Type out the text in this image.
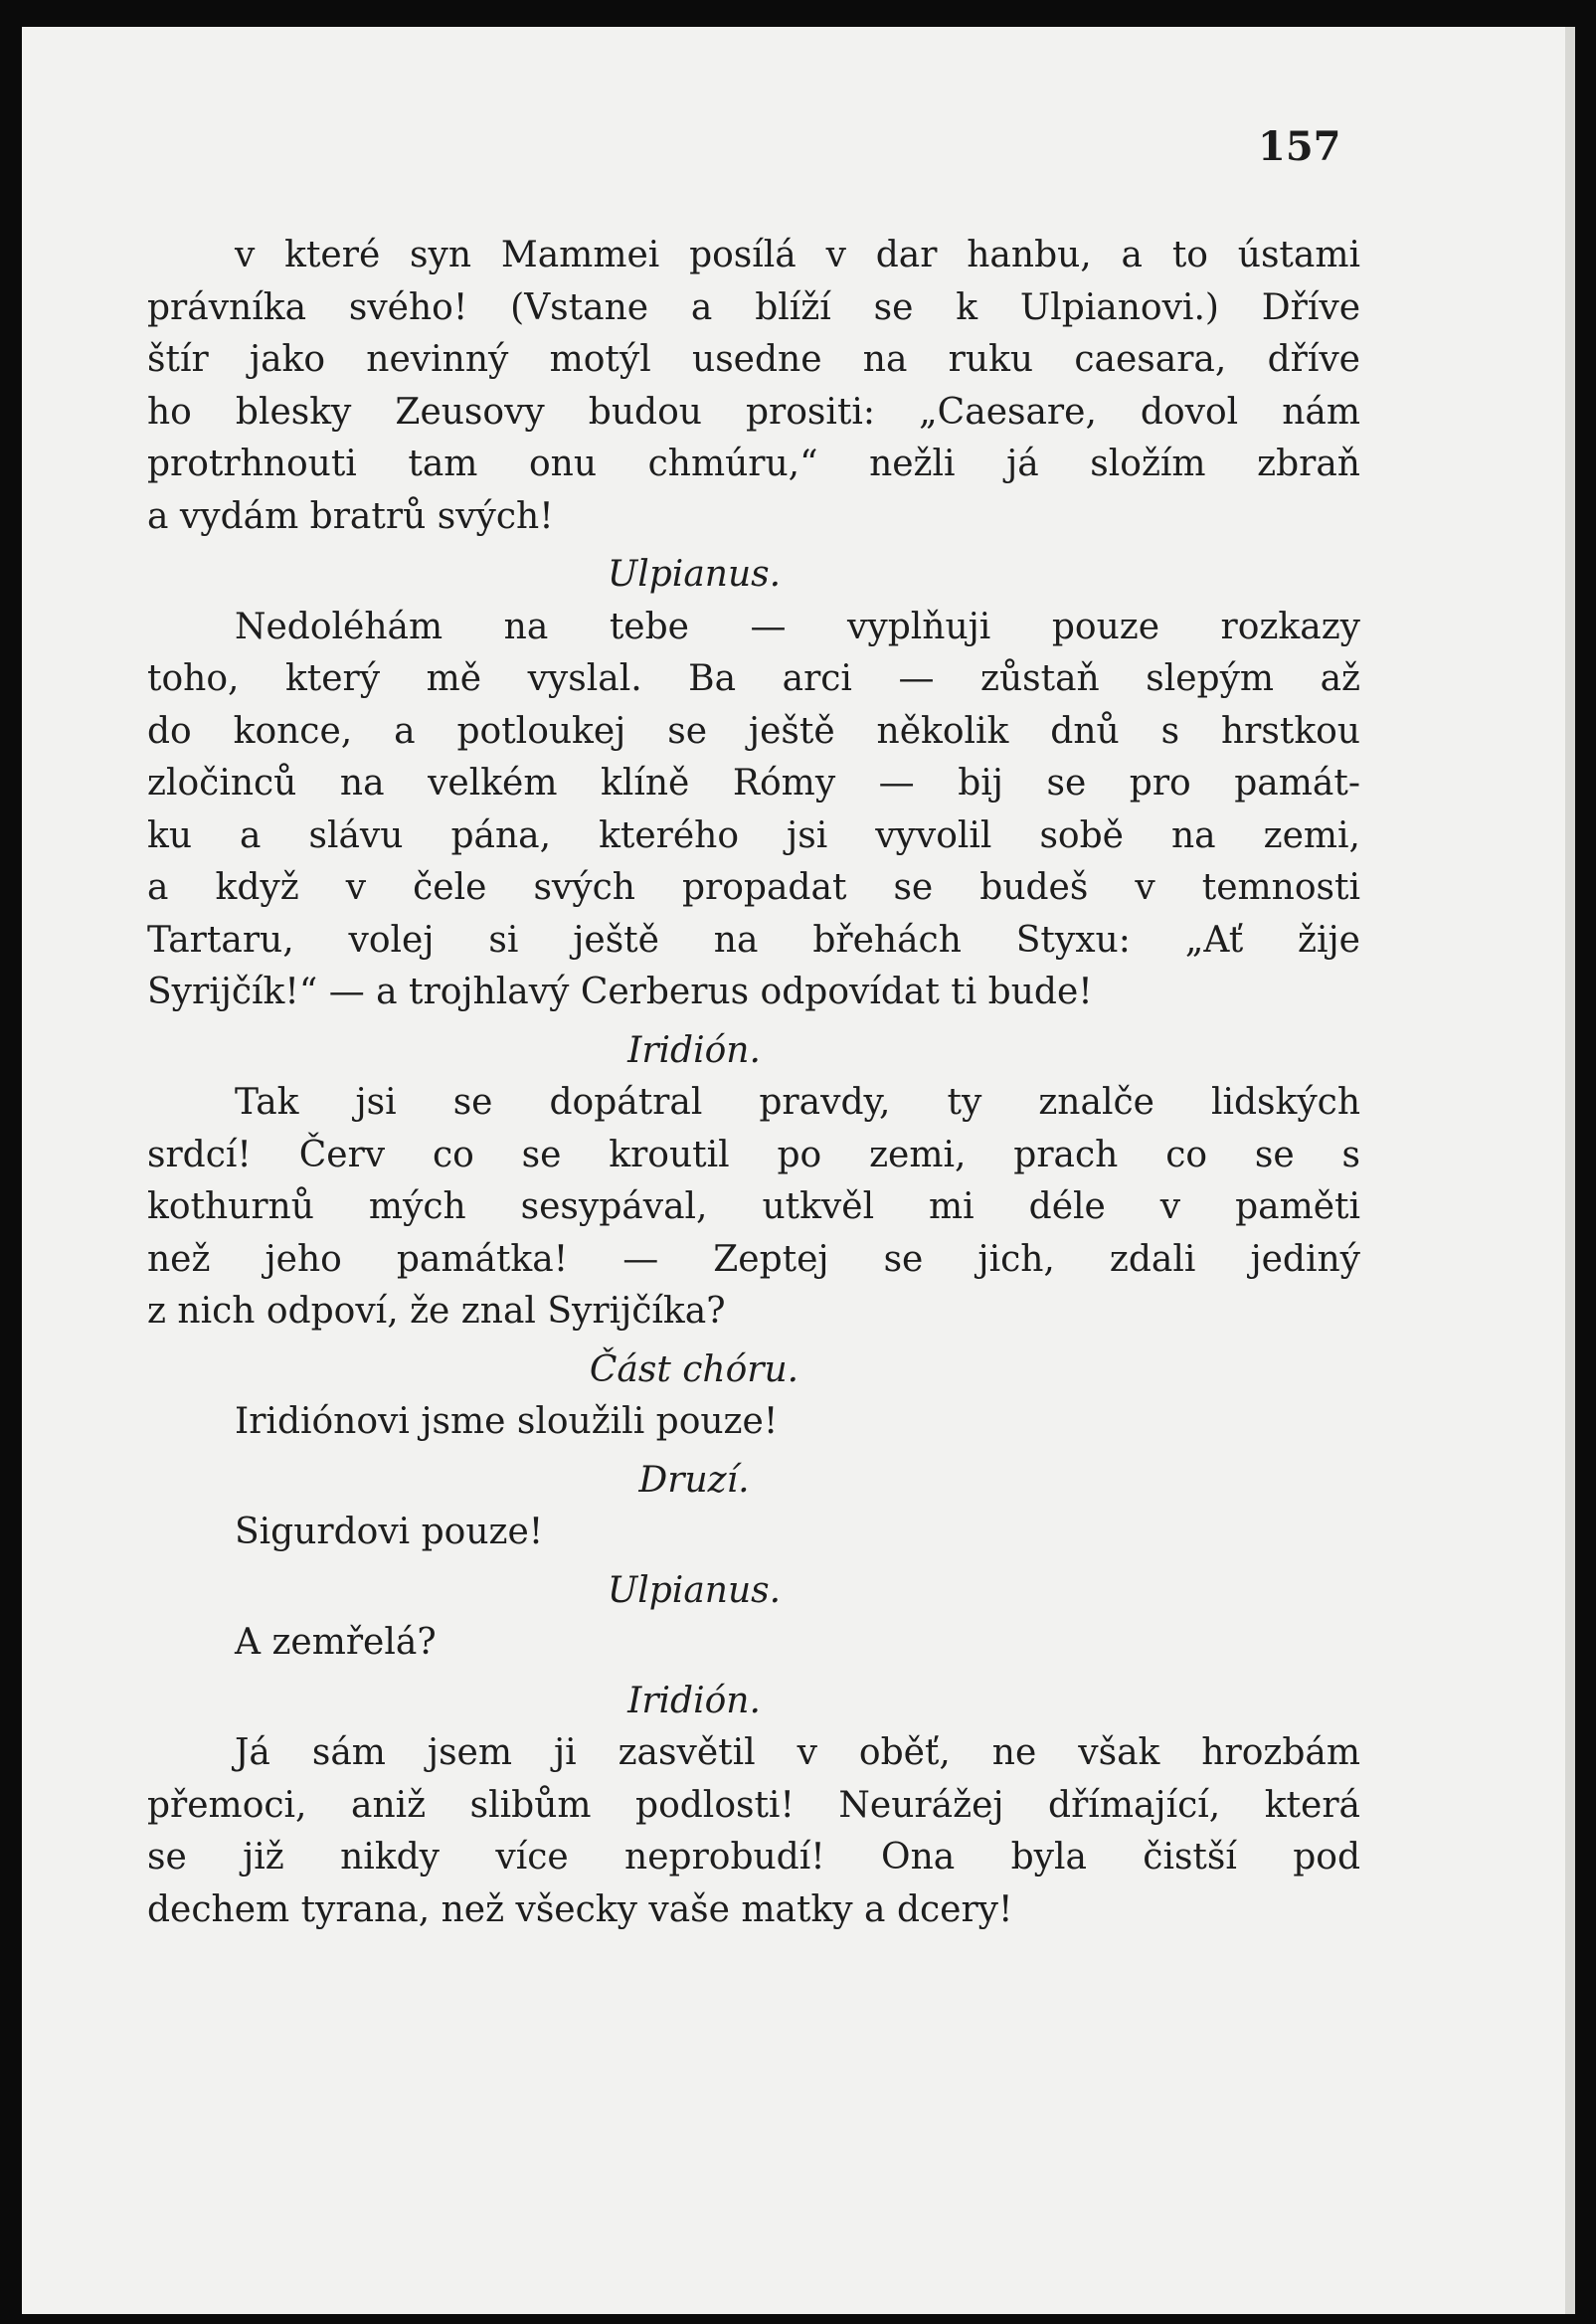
157

v které syn Mammei posílá v dar hanbu, a to ústami
právníka svého! (Vstane a blíží se k Ulpianovi.) Dříve
štír jako nevinný motýl usedne na ruku caesara, dříve
ho blesky Zeusovy budou prositi: „Caesare, dovol nám
protrhnouti tam onu chmúru,“ nežli já složím zbraň
a vydám bratrů svých!
Ulpianus.
Nedoléhám na tebe — vyplňuji pouze rozkazy
toho, který mě vyslal. Ba arci — zůstaň slepým až
do konce, a potloukej se ještě několik dnů s hrstkou
zločinců na velkém klíně Rómy — bij se pro památ-
ku a slávu pána, kterého jsi vyvolil sobě na zemi,
a když v čele svých propadat se budeš v temnosti
Tartaru, volej si ještě na břehách Styxu: „Ať žije
Syrijčík!“ — a trojhlavý Cerberus odpovídat ti bude!
Iridión.
Tak jsi se dopátral pravdy, ty znalče lidských
srdcí! Červ co se kroutil po zemi, prach co se s
kothurnů mých sesypával, utkvěl mi déle v paměti
než jeho památka! — Zeptej se jich, zdali jediný
z nich odpoví, že znal Syrijčíka?
Část chóru.
Iridiónovi jsme sloužili pouze!
Druzí.
Sigurdovi pouze!
Ulpianus.
A zemřelá?
Iridión.
Já sám jsem ji zasvětil v oběť, ne však hrozbám
přemoci, aniž slibům podlosti! Neurážej dřímající, která
se již nikdy více neprobudí! Ona byla čistší pod
dechem tyrana, než všecky vaše matky a dcery!
